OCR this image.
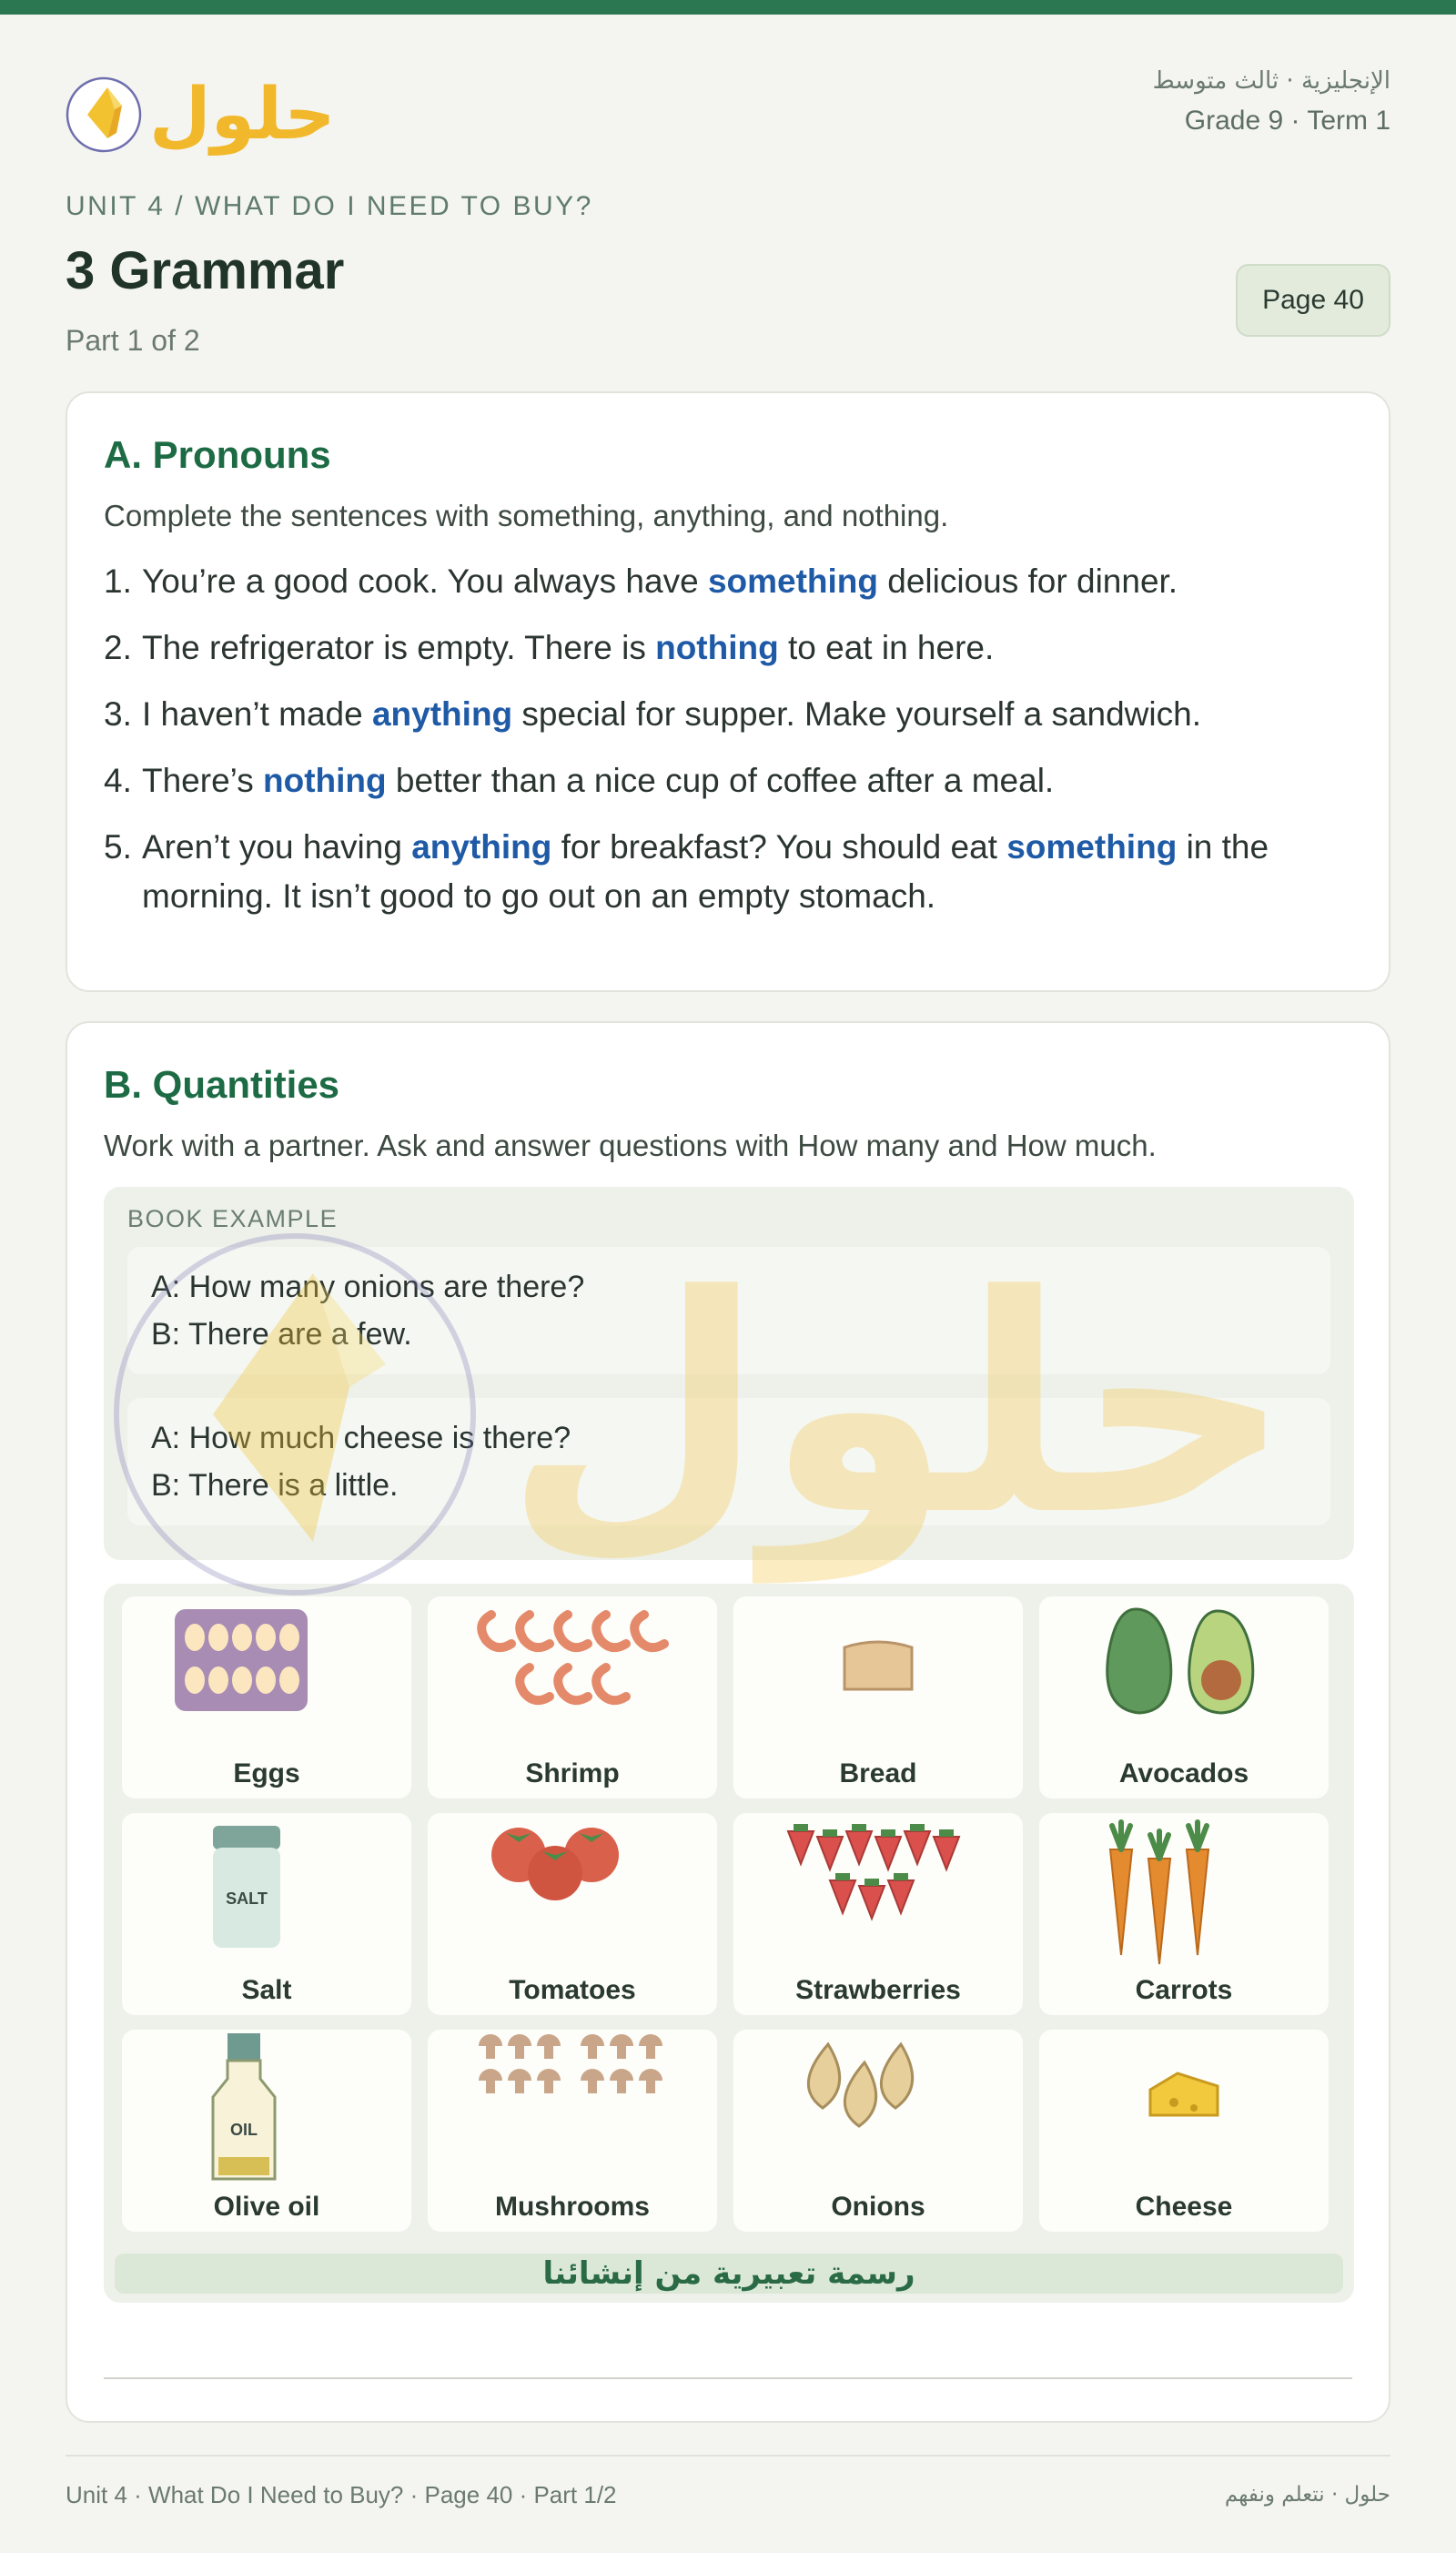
حلول	الإنجليزية · ثالث متوسط
Grade 9 · Term 1
UNIT 4 / WHAT DO I NEED TO BUY?
3 Grammar
Part 1 of 2
Page 40
A. Pronouns
Complete the sentences with something, anything, and nothing.
1. You’re a good cook. You always have something delicious for dinner.
2. The refrigerator is empty. There is nothing to eat in here.
3. I haven’t made anything special for supper. Make yourself a sandwich.
4. There’s nothing better than a nice cup of coffee after a meal.
5. Aren’t you having anything for breakfast? You should eat something in the morning. It isn’t good to go out on an empty stomach.
B. Quantities
Work with a partner. Ask and answer questions with How many and How much.
BOOK EXAMPLE
A: How many onions are there?
B: There are a few.
A: How much cheese is there?
B: There is a little. حلول
Eggs	Shrimp	Bread	Avocados
SALT
Salt	Tomatoes	Strawberries	Carrots
OIL
Olive oil	Mushrooms	Onions	Cheese
رسمة تعبيرية من إنشائنا
Unit 4 · What Do I Need to Buy? · Page 40 · Part 1/2	حلول · نتعلم ونفهم
